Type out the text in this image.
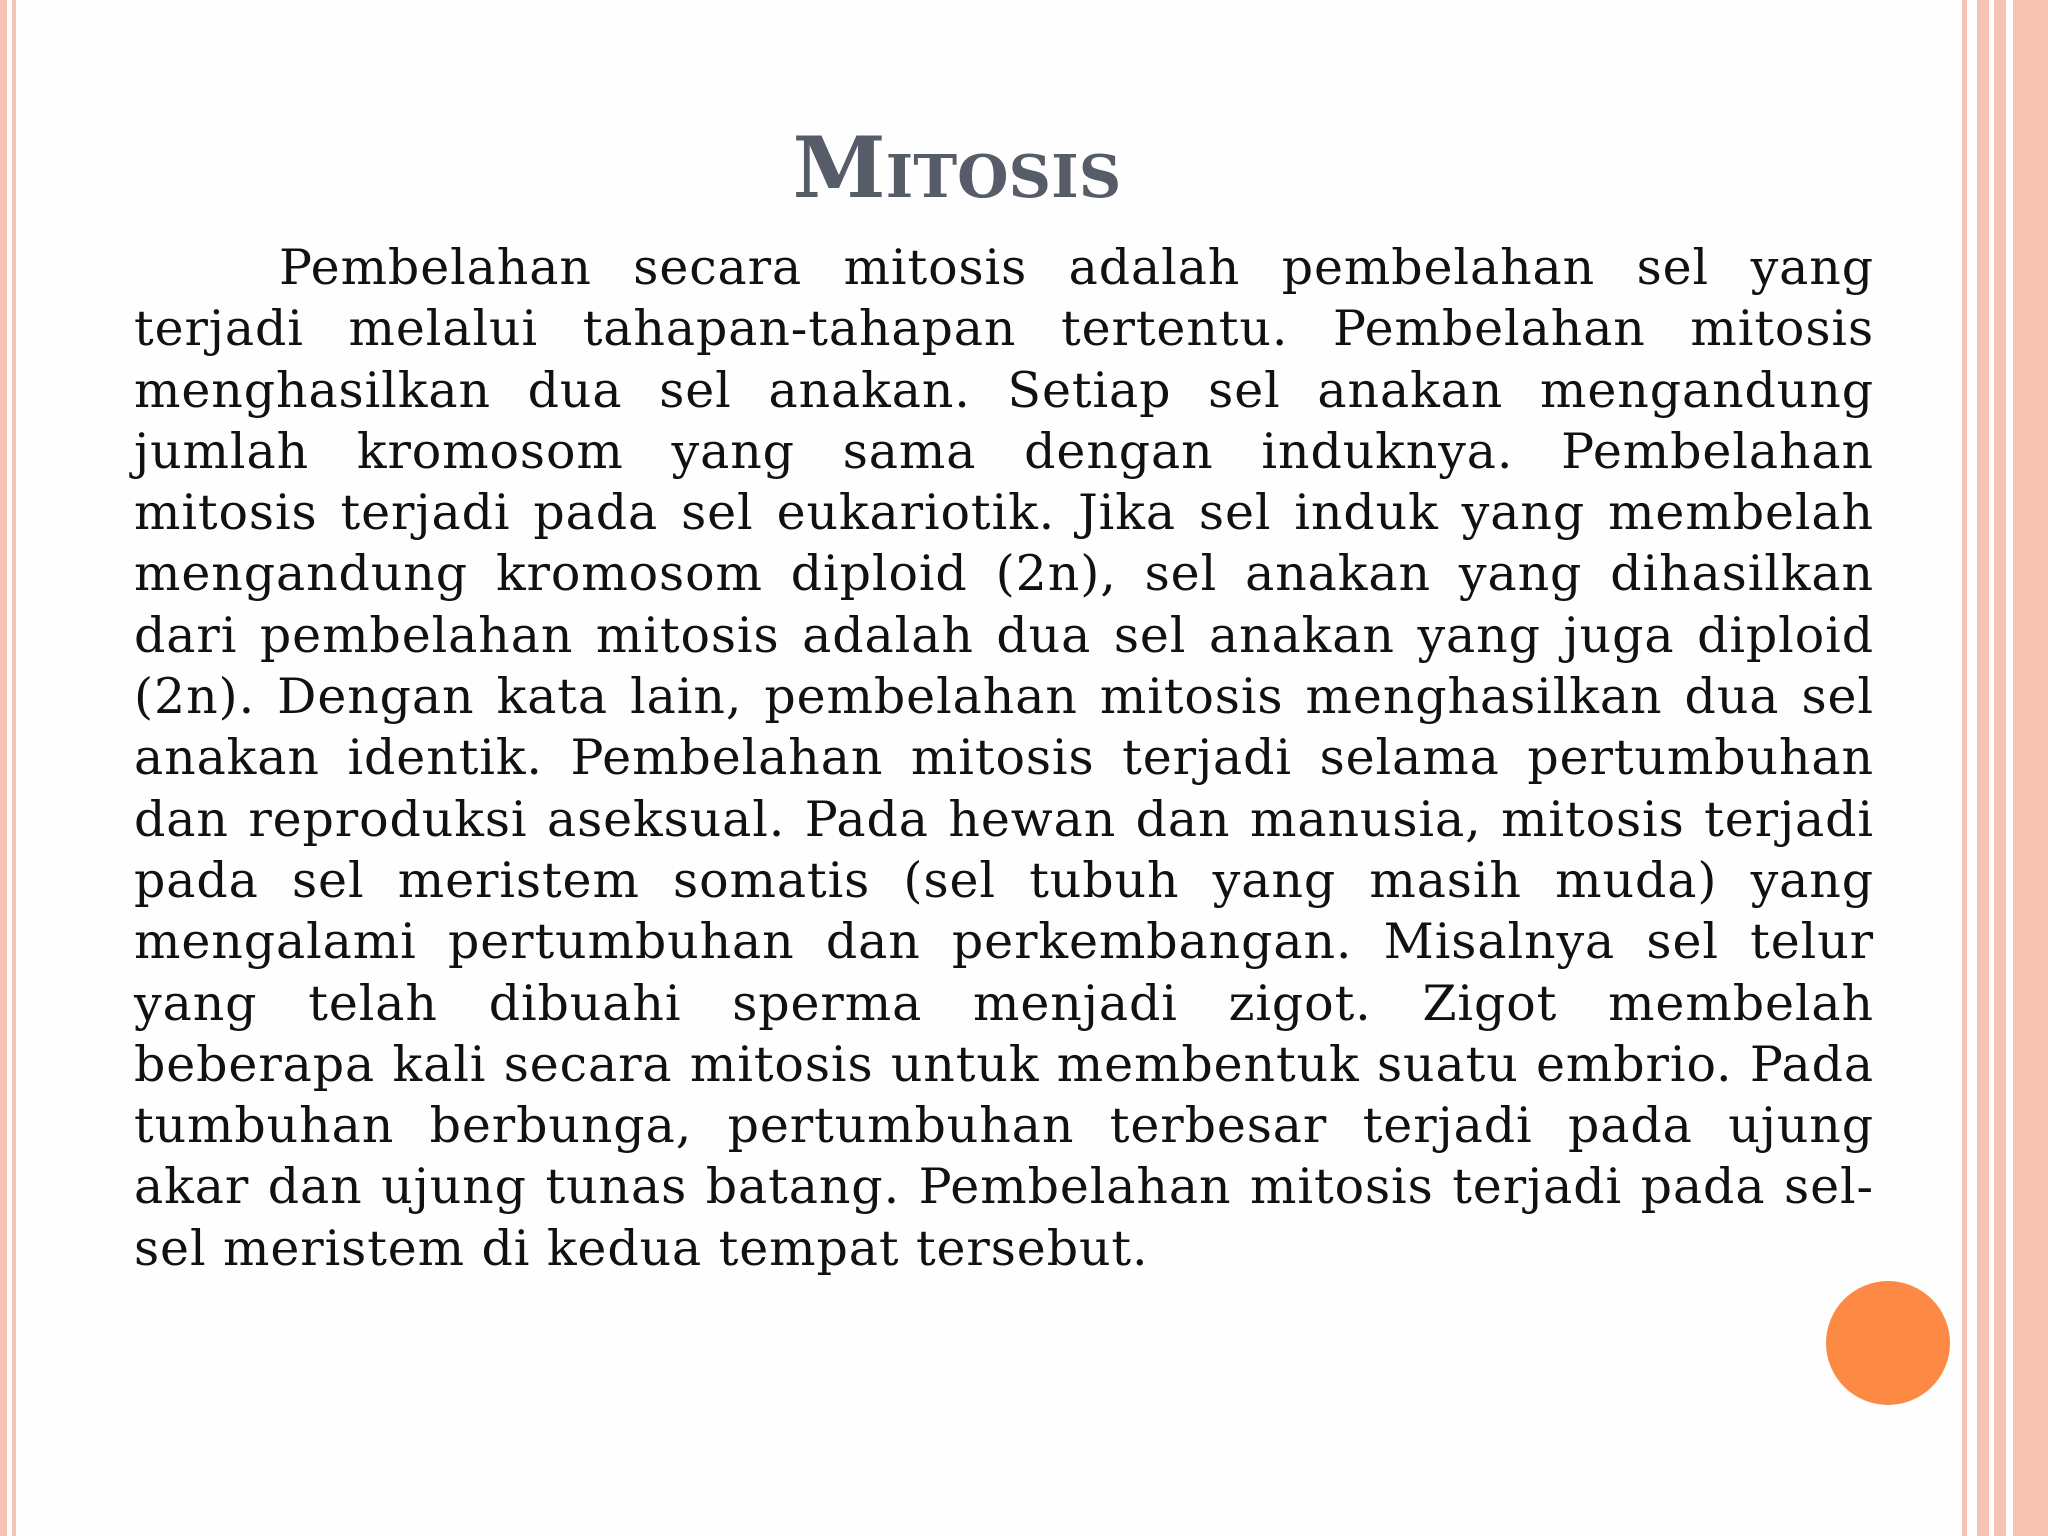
Mitosis

Pembelahan secara mitosis adalah pembelahan sel yang terjadi melalui tahapan-tahapan tertentu. Pembelahan mitosis menghasilkan dua sel anakan. Setiap sel anakan mengandung jumlah kromosom yang sama dengan induknya. Pembelahan mitosis terjadi pada sel eukariotik. Jika sel induk yang membelah mengandung kromosom diploid (2n), sel anakan yang dihasilkan dari pembelahan mitosis adalah dua sel anakan yang juga diploid (2n). Dengan kata lain, pembelahan mitosis menghasilkan dua sel anakan identik. Pembelahan mitosis terjadi selama pertumbuhan dan reproduksi aseksual. Pada hewan dan manusia, mitosis terjadi pada sel meristem somatis (sel tubuh yang masih muda) yang mengalami pertumbuhan dan perkembangan. Misalnya sel telur yang telah dibuahi sperma menjadi zigot. Zigot membelah beberapa kali secara mitosis untuk membentuk suatu embrio. Pada tumbuhan berbunga, pertumbuhan terbesar terjadi pada ujung akar dan ujung tunas batang. Pembelahan mitosis terjadi pada sel-sel meristem di kedua tempat tersebut.
